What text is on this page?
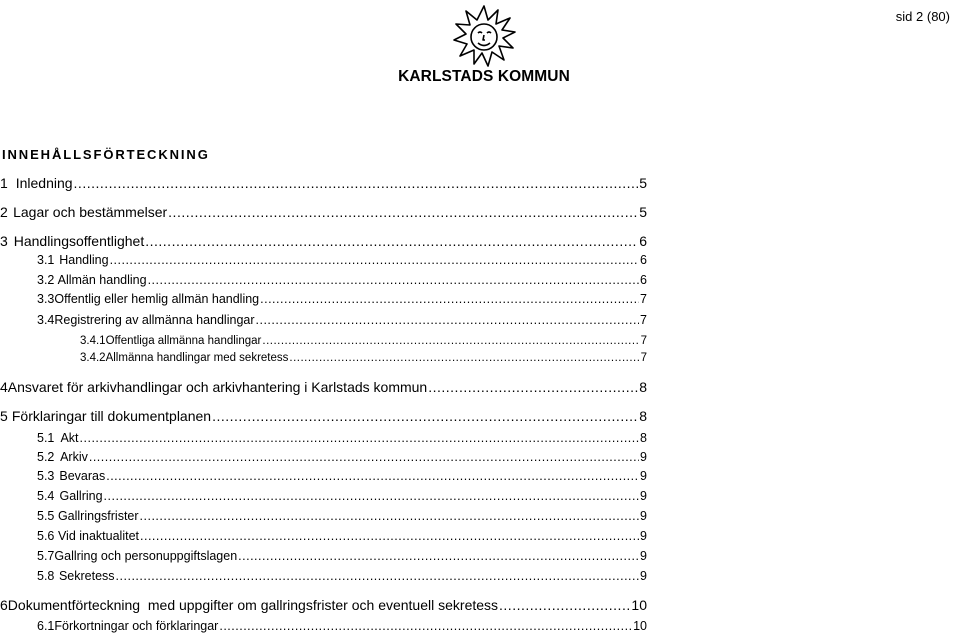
sid 2 (80)
KARLSTADS KOMMUN
INNEHÅLLSFÖRTECKNING
1 Inledning .....	5
2 Lagar och bestämmelser .....	5
3 Handlingsoffentlighet .....	6
3.1 Handling .....	6
3.2 Allmän handling .....	6
3.3 Offentlig eller hemlig allmän handling .....	7
3.4 Registrering av allmänna handlingar .....	7
3.4.1 Offentliga allmänna handlingar .....	7
3.4.2 Allmänna handlingar med sekretess .....	7
4 Ansvaret för arkivhandlingar och arkivhantering i Karlstads kommun .....	8
5 Förklaringar till dokumentplanen .....	8
5.1 Akt .....	8
5.2 Arkiv .....	9
5.3 Bevaras .....	9
5.4 Gallring .....	9
5.5 Gallringsfrister .....	9
5.6 Vid inaktualitet .....	9
5.7 Gallring och personuppgiftslagen .....	9
5.8 Sekretess .....	9
6 Dokumentförteckning  med uppgifter om gallringsfrister och eventuell sekretess .....	10
6.1 Förkortningar och förklaringar .....	10
